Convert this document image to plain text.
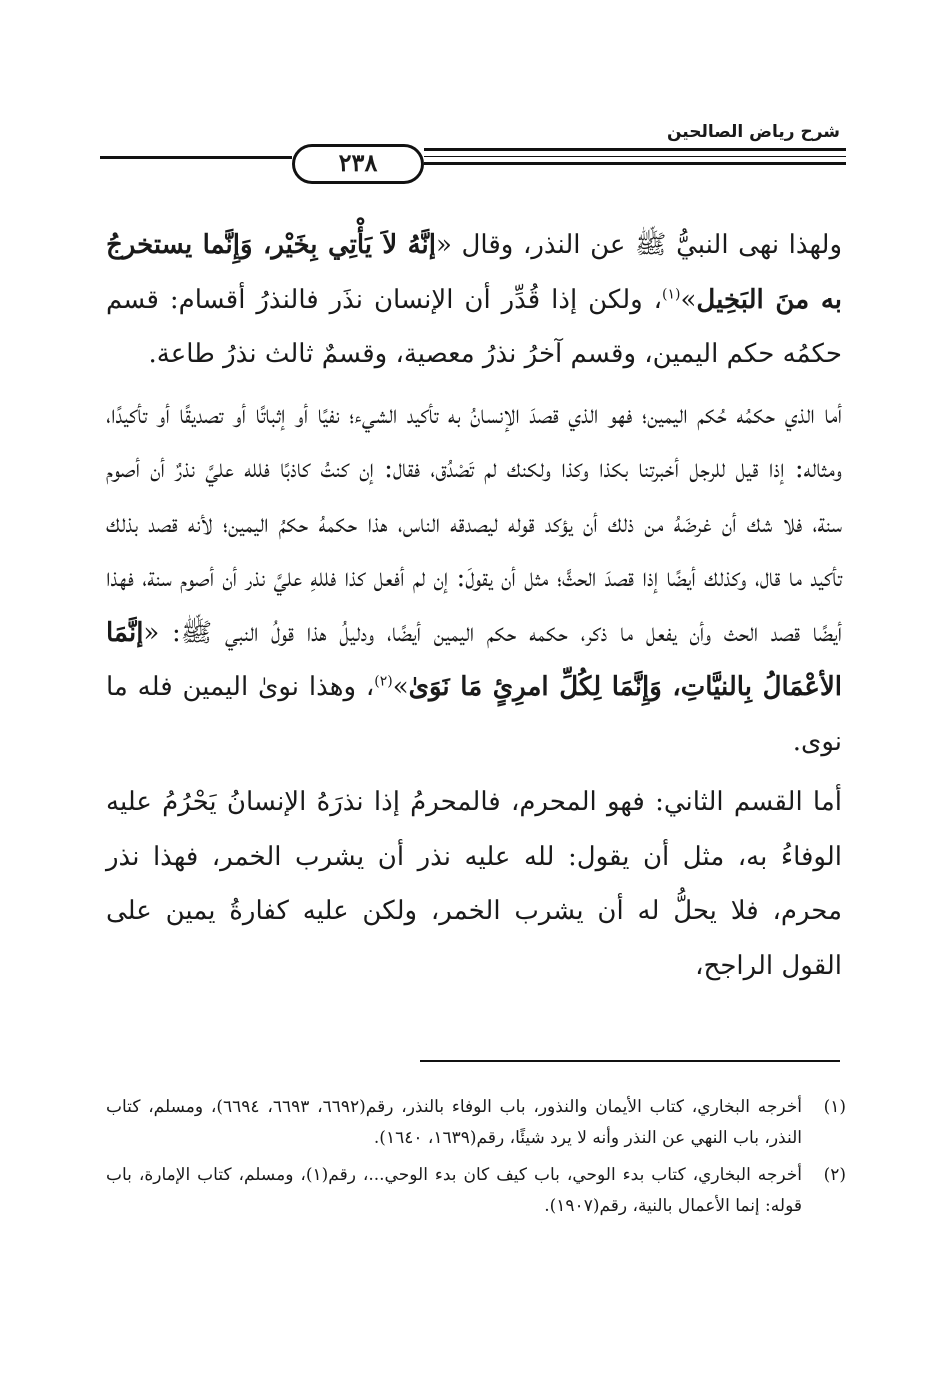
شرح رياض الصالحين
٢٣٨

ولهذا نهى النبيُّ ﷺ عن النذر، وقال «إنَّهُ لاَ يَأْتِي بِخَيْر، وَإِنَّما يستخرجُ به منَ البَخِيل»$^{(١)}$، ولكن إذا قُدِّر أن الإنسان نذَر فالنذرُ أقسام: قسم حكمُه حكم اليمين، وقسم آخرُ نذرُ معصية، وقسمٌ ثالث نذرُ طاعة.

أما الذي حكمُه حُكم اليمين؛ فهو الذي قصدَ الإنسانُ به تأكيد الشيء؛ نفيًا أو إثباتًا أو تصديقًا أو تأكيدًا، ومثاله: إذا قيل للرجل أخبرتنا بكذا وكذا ولكنك لم تَصْدُق، فقال: إن كنتُ كاذبًا فلله عليَّ نذرٌ أن أصوم سنة، فلا شك أن غرضَهُ من ذلك أن يؤكد قوله ليصدقه الناس، هذا حكمهُ حكمُ اليمين؛ لأنه قصد بذلك تأكيد ما قال، وكذلك أيضًا إذا قصدَ الحثَّ؛ مثل أن يقولَ: إن لم أفعل كذا فللهِ عليَّ نذر أن أصوم سنة، فهذا أيضًا قصد الحث وأن يفعل ما ذكر، حكمه حكم اليمين أيضًا، ودليلُ هذا قولُ النبي ﷺ: «إنَّمَا الأعْمَالُ بِالنيَّاتِ، وَإِنَّمَا لِكُلِّ امرِئٍ مَا نَوَىٰ»$^{(٢)}$، وهذا نوىٰ اليمين فله ما نوى.

أما القسم الثاني: فهو المحرم، فالمحرمُ إذا نذرَهُ الإنسانُ يَحْرُمُ عليه الوفاءُ به، مثل أن يقول: لله عليه نذر أن يشرب الخمر، فهذا نذر محرم، فلا يحلُّ له أن يشرب الخمر، ولكن عليه كفارةُ يمين على القول الراجح،

(١)
أخرجه البخاري، كتاب الأيمان والنذور، باب الوفاء بالنذر، رقم(٦٦٩٢، ٦٦٩٣، ٦٦٩٤)، ومسلم، كتاب النذر، باب النهي عن النذر وأنه لا يرد شيئًا، رقم(١٦٣٩، ١٦٤٠).
(٢)
أخرجه البخاري، كتاب بدء الوحي، باب كيف كان بدء الوحي...، رقم(١)، ومسلم، كتاب الإمارة، باب قوله: إنما الأعمال بالنية، رقم(١٩٠٧).
